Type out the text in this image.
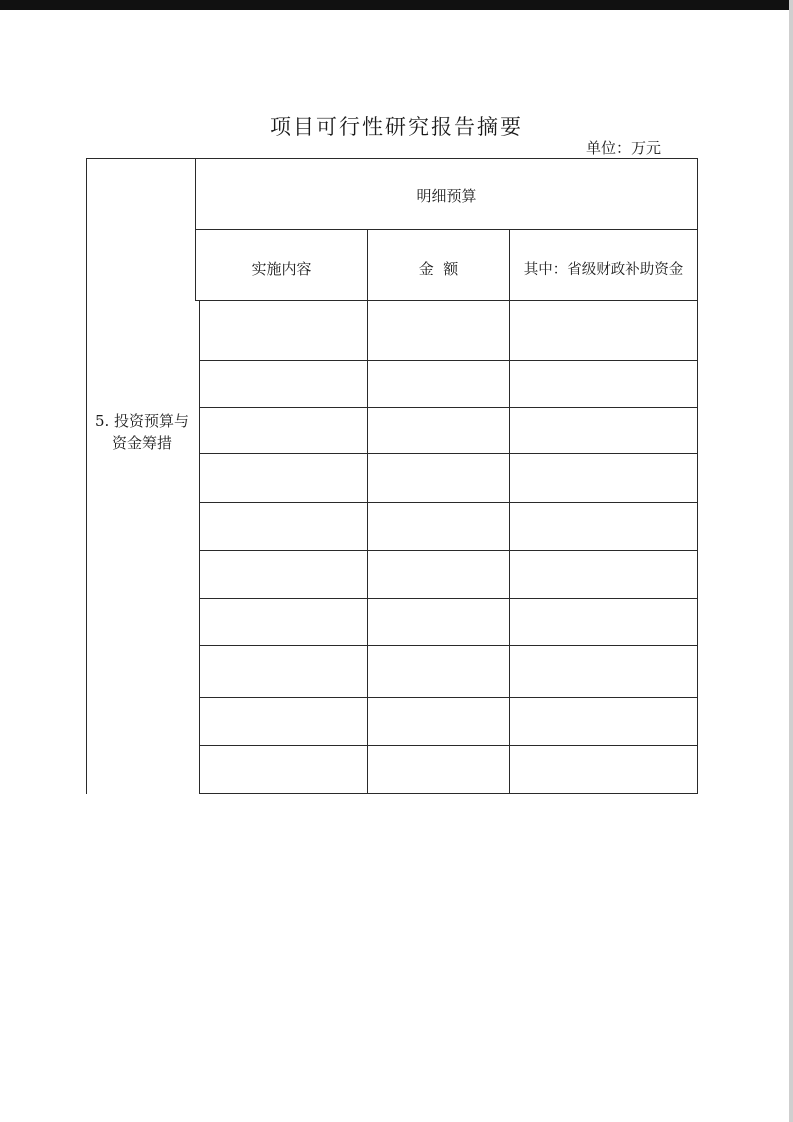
项目可行性研究报告摘要
单位：万元
明细预算
实施内容	金  额	其中：省级财政补助资金
5. 投资预算与
资金筹措
